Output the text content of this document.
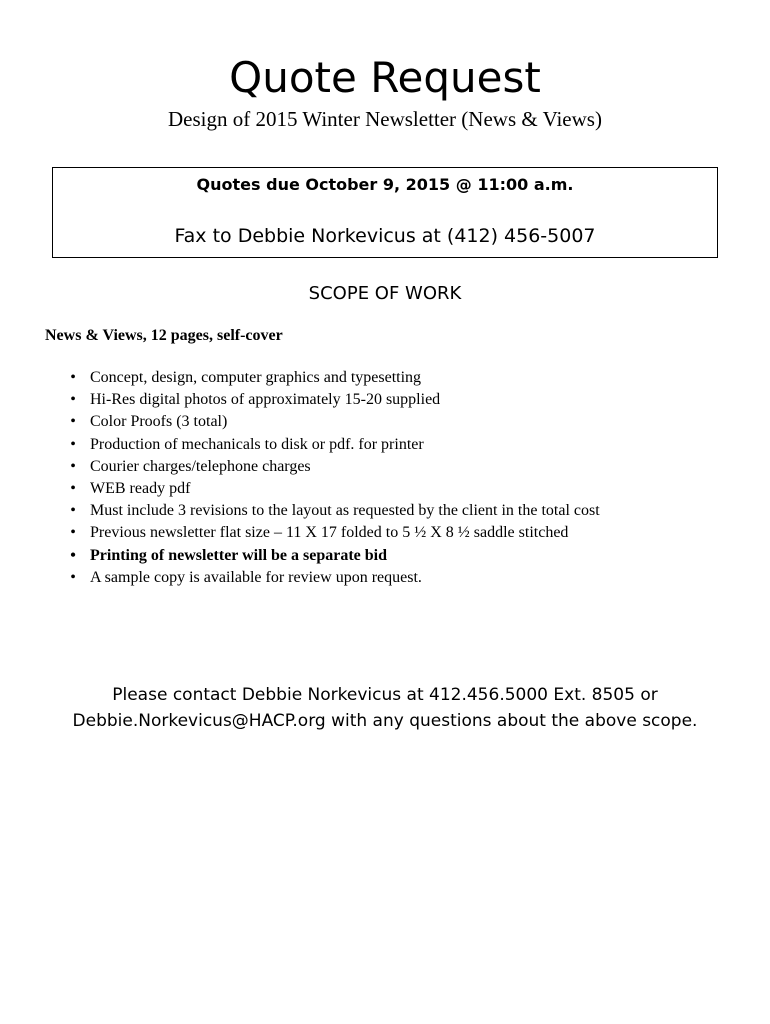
Quote Request

Design of 2015 Winter Newsletter (News & Views)

Quotes due October 9, 2015 @ 11:00 a.m.
Fax to Debbie Norkevicus at (412) 456-5007
SCOPE OF WORK

News & Views, 12 pages, self-cover

• Concept, design, computer graphics and typesetting
• Hi-Res digital photos of approximately 15-20 supplied
• Color Proofs (3 total)
• Production of mechanicals to disk or pdf. for printer
• Courier charges/telephone charges
• WEB ready pdf
• Must include 3 revisions to the layout as requested by the client in the total cost
• Previous newsletter flat size – 11 X 17 folded to 5 ½ X 8 ½ saddle stitched
• Printing of newsletter will be a separate bid
• A sample copy is available for review upon request.
Please contact Debbie Norkevicus at 412.456.5000 Ext. 8505 or
Debbie.Norkevicus@HACP.org with any questions about the above scope.
